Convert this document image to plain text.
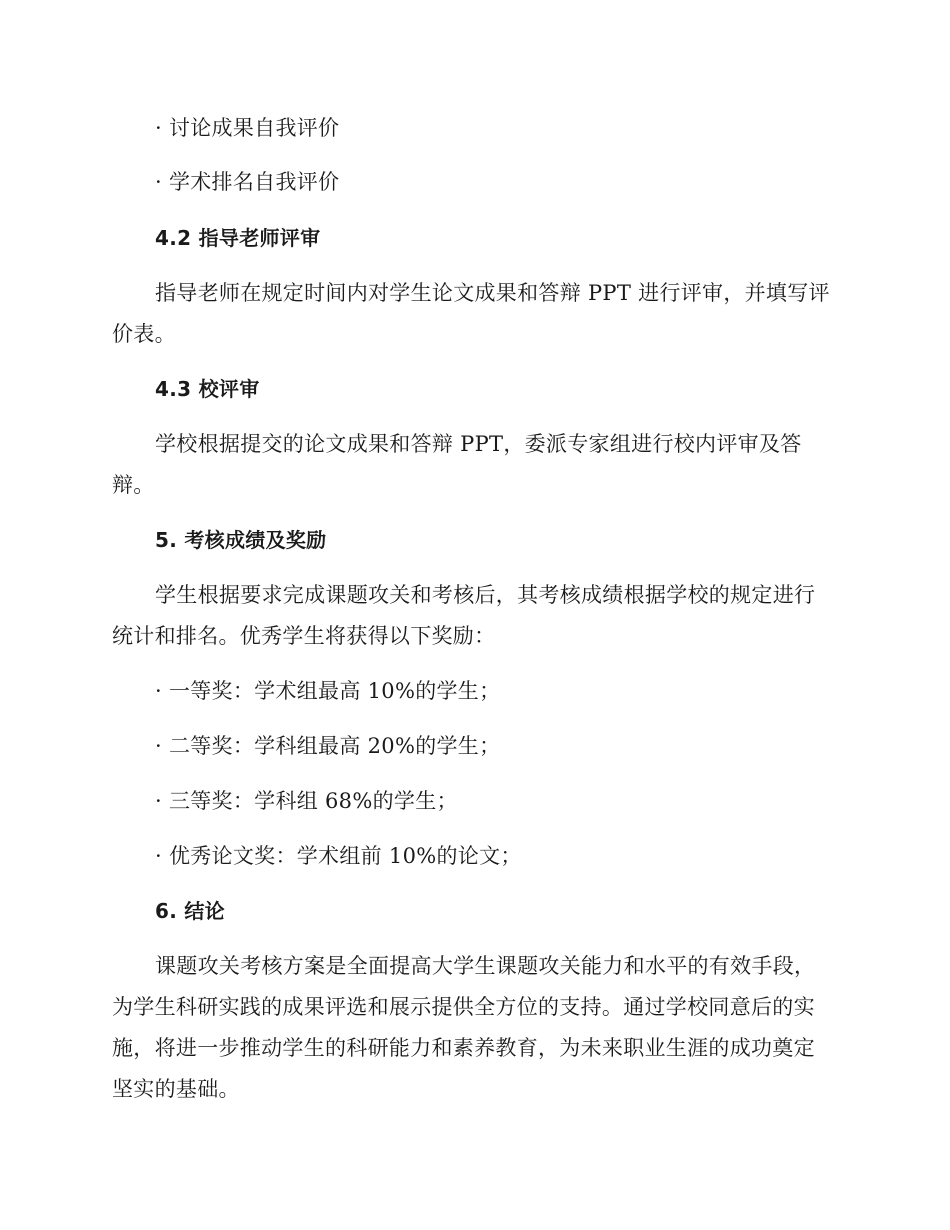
· 讨论成果自我评价
· 学术排名自我评价
4.2 指导老师评审
指导老师在规定时间内对学生论文成果和答辩 PPT 进行评审，并填写评
价表。
4.3 校评审
学校根据提交的论文成果和答辩 PPT，委派专家组进行校内评审及答
辩。
5. 考核成绩及奖励
学生根据要求完成课题攻关和考核后，其考核成绩根据学校的规定进行
统计和排名。优秀学生将获得以下奖励：
· 一等奖：学术组最高 10%的学生；
· 二等奖：学科组最高 20%的学生；
· 三等奖：学科组 68%的学生；
· 优秀论文奖：学术组前 10%的论文；
6. 结论
课题攻关考核方案是全面提高大学生课题攻关能力和水平的有效手段，
为学生科研实践的成果评选和展示提供全方位的支持。通过学校同意后的实
施，将进一步推动学生的科研能力和素养教育，为未来职业生涯的成功奠定
坚实的基础。
